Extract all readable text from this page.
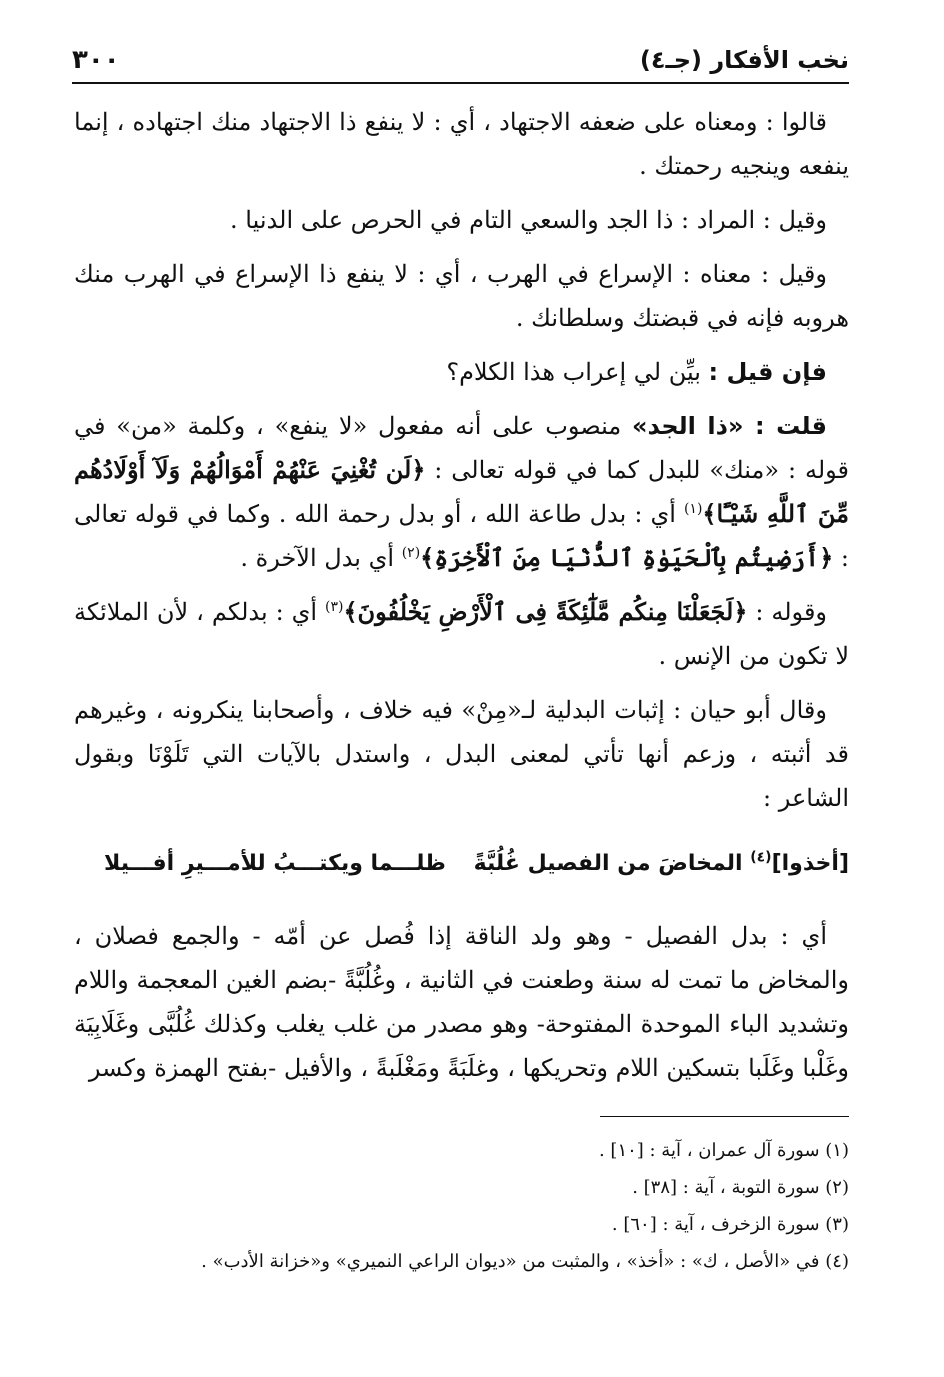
٣٠٠	نخب الأفكار (جـ٤)

قالوا : ومعناه على ضعفه الاجتهاد ، أي : لا ينفع ذا الاجتهاد منك اجتهاده ، إنما ينفعه وينجيه رحمتك .

وقيل : المراد : ذا الجد والسعي التام في الحرص على الدنيا .

وقيل : معناه : الإسراع في الهرب ، أي : لا ينفع ذا الإسراع في الهرب منك هروبه فإنه في قبضتك وسلطانك .

فإن قيل : بيِّن لي إعراب هذا الكلام؟

قلت : «ذا الجد» منصوب على أنه مفعول «لا ينفع» ، وكلمة «من» في قوله : «منك» للبدل كما في قوله تعالى : ﴿لَن تُغْنِيَ عَنْهُمْ أَمْوَالُهُمْ وَلَآ أَوْلَادُهُم مِّنَ ٱللَّهِ شَيْـًٔا﴾$^{(١)}$ أي : بدل طاعة الله ، أو بدل رحمة الله . وكما في قوله تعالى : ﴿أَرَضِيتُم بِٱلْحَيَوٰةِ ٱلدُّنْيَا مِنَ ٱلْأَخِرَةِ﴾$^{(٢)}$ أي بدل الآخرة .

وقوله : ﴿لَجَعَلْنَا مِنكُم مَّلَٰٓئِكَةً فِى ٱلْأَرْضِ يَخْلُفُونَ﴾$^{(٣)}$ أي : بدلكم ، لأن الملائكة لا تكون من الإنس .

وقال أبو حيان : إثبات البدلية لـ«مِنْ» فيه خلاف ، وأصحابنا ينكرونه ، وغيرهم قد أثبته ، وزعم أنها تأتي لمعنى البدل ، واستدل بالآيات التي تَلَوْنَا وبقول الشاعر :

[أخذوا]$^{(٤)}$ المخاضَ من الفصيل غُلُبَّةً
ظلـــما ويكتـــبُ للأمـــيرِ أفـــيلا

أي : بدل الفصيل - وهو ولد الناقة إذا فُصل عن أمّه - والجمع فصلان ، والمخاض ما تمت له سنة وطعنت في الثانية ، وغُلُبَّةً -بضم الغين المعجمة واللام وتشديد الباء الموحدة المفتوحة- وهو مصدر من غلب يغلب وكذلك غُلُبَّى وغَلَابِيَة وغَلْبا وغَلَبا بتسكين اللام وتحريكها ، وغلَبَةً ومَغْلَبةً ، والأفيل -بفتح الهمزة وكسر

(١) سورة آل عمران ، آية : [١٠] .
(٢) سورة التوبة ، آية : [٣٨] .
(٣) سورة الزخرف ، آية : [٦٠] .
(٤) في «الأصل ، ك» : «أخذ» ، والمثبت من «ديوان الراعي النميري» و«خزانة الأدب» .
